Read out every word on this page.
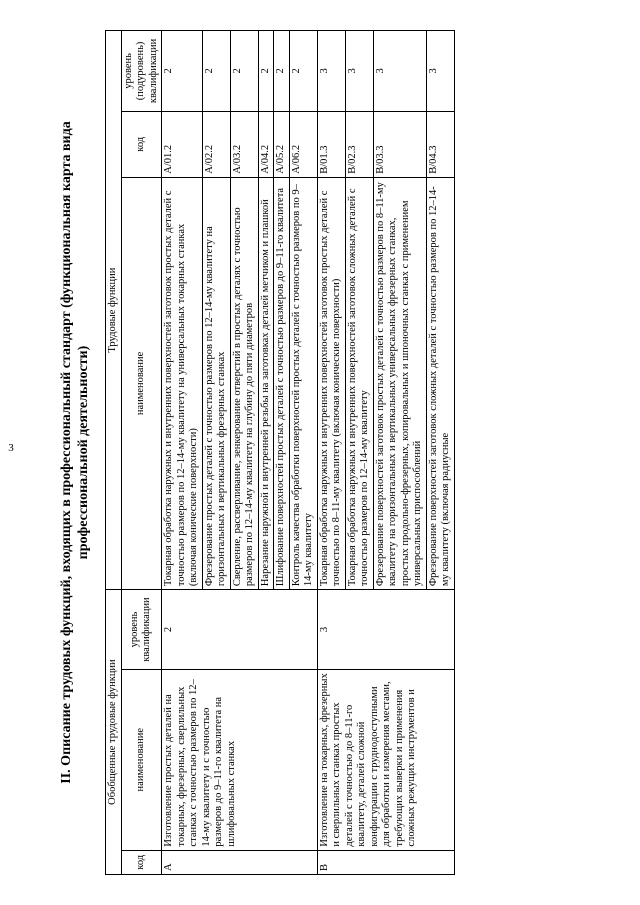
3	II. Описание трудовых функций, входящих в профессиональный стандарт (функциональная карта вида профессиональной деятельности)
Обобщенные трудовые функции			Трудовые функции		
код	наименование	уровень квалификации	наименование	код	уровень (подуровень) квалификации
A	Изготовление простых деталей на токарных, фрезерных, сверлильных станках с точностью размеров по 12–14-му квалитету и с точностью размеров до 9–11-го квалитета на шлифовальных станках	2	Токарная обработка наружных и внутренних поверхностей заготовок простых деталей с точностью размеров по 12–14-му квалитету на универсальных токарных станках (включая конические поверхности)	A/01.2	2
			Фрезерование простых деталей с точностью размеров по 12–14-му квалитету на горизонтальных и вертикальных фрезерных станках	A/02.2	2
			Сверление, рассверливание, зенкерование отверстий в простых деталях с точностью размеров по 12–14-му квалитету на глубину до пяти диаметров	A/03.2	2
			Нарезание наружной и внутренней резьбы на заготовках деталей метчиком и плашкой	A/04.2	2
			Шлифование поверхностей простых деталей с точностью размеров до 9–11-го квалитета	A/05.2	2
			Контроль качества обработки поверхностей простых деталей с точностью размеров по 9–14-му квалитету	A/06.2	2
B	Изготовление на токарных, фрезерных и сверлильных станках простых деталей с точностью до 8–11-го квалитету, деталей сложной конфигурации с труднодоступными для обработки и измерения местами, требующих выверки и применения сложных режущих инструментов и	3	Токарная обработка наружных и внутренних поверхностей заготовок простых деталей с точностью по 8–11-му квалитету (включая конические поверхности)	B/01.3	3
			Токарная обработка наружных и внутренних поверхностей заготовок сложных деталей с точностью размеров по 12–14-му квалитету	B/02.3	3
			Фрезерование поверхностей заготовок простых деталей с точностью размеров по 8–11-му квалитету на горизонтальных и вертикальных универсальных фрезерных станках, простых продольно-фрезерных, копировальных и шпоночных станках с применением универсальных приспособлений	B/03.3	3
			Фрезерование поверхностей заготовок сложных деталей с точностью размеров по 12–14-му квалитету (включая радиусные	B/04.3	3
